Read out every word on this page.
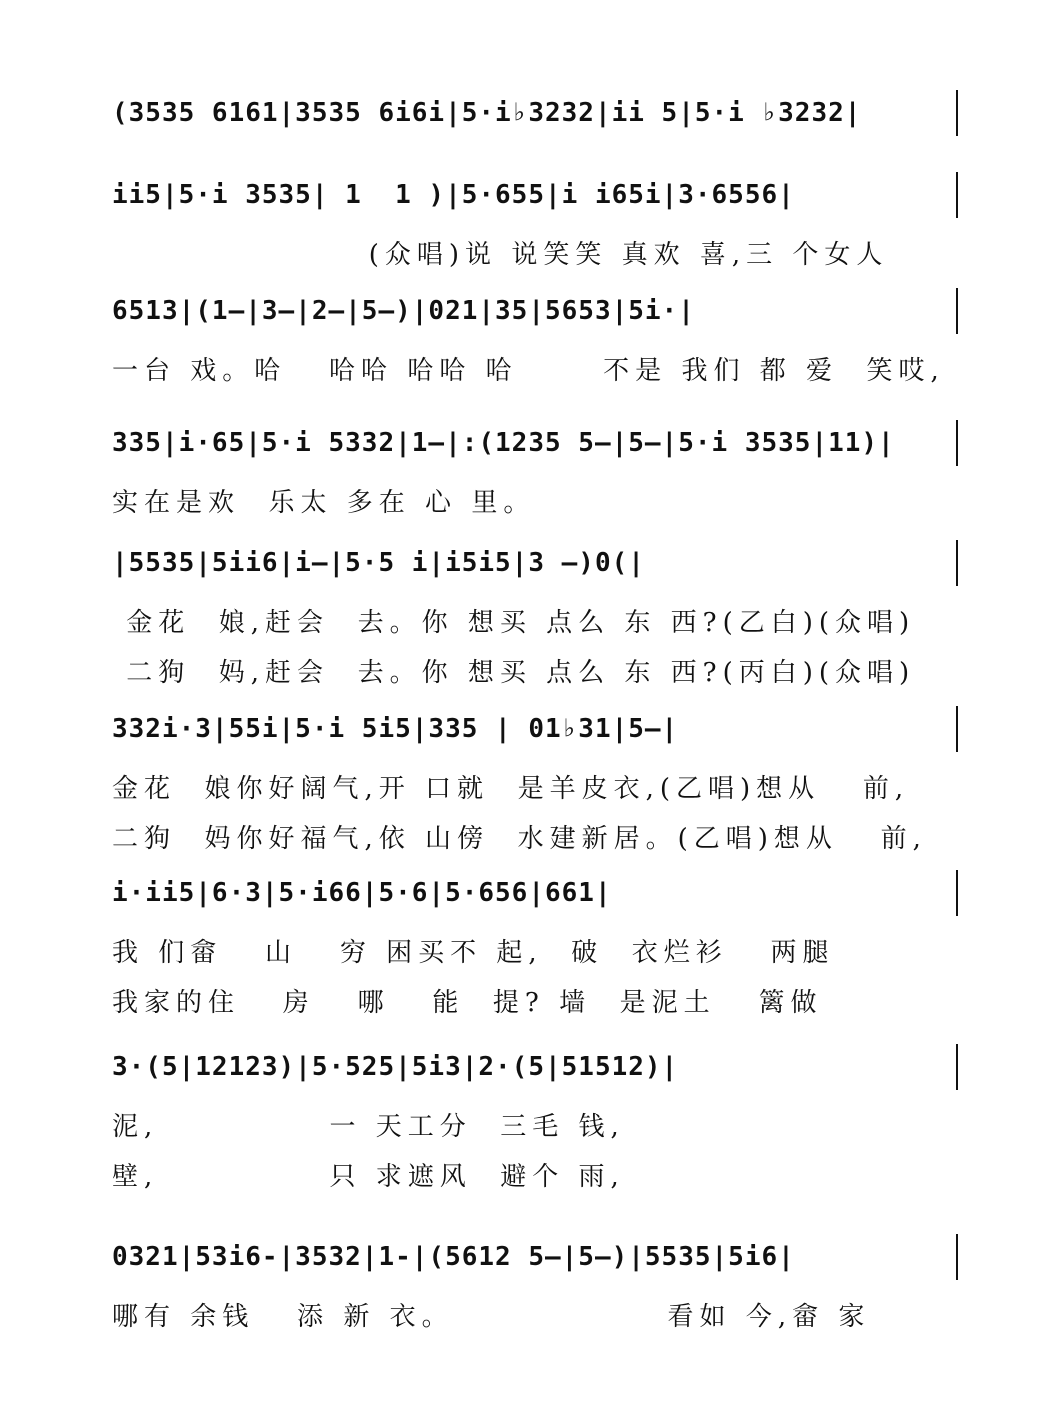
(3535 6161|3535 6i6i|5·i♭3232|ii 5|5·i ♭3232|
ii5|5·i 3535| 1  1 )|5·655|i i65i|3·6556|
(众唱)说 说笑笑 真欢 喜,三 个女人
6513|(1—|3—|2—|5—)|021|35|5653|5i·|
一台 戏。哈   哈哈 哈哈 哈      不是 我们 都 爱  笑哎,
335|i·65|5·i 5332|1—|:(1235 5—|5—|5·i 3535|11)|
实在是欢  乐太 多在 心 里。
|5535|5ii6|i—|5·5 i|i5i5|3 —)0(|
金花  娘,赶会  去。你 想买 点么 东 西?(乙白)(众唱)
二狗  妈,赶会  去。你 想买 点么 东 西?(丙白)(众唱)
332i·3|55i|5·i 5i5|335 | 01♭31|5—|
金花  娘你好阔气,开 口就  是羊皮衣,(乙唱)想从   前,
二狗  妈你好福气,依 山傍  水建新居。(乙唱)想从   前,
i·ii5|6·3|5·i66|5·6|5·656|661|
我 们畲   山   穷 困买不 起,  破  衣烂衫   两腿
我家的住   房   哪   能  提? 墙  是泥土   篱做
3·(5|12123)|5·525|5i3|2·(5|51512)|
泥,            一 天工分  三毛 钱,
壁,            只 求遮风  避个 雨,
0321|53i6-|3532|1-|(5612 5—|5—)|5535|5i6|
哪有 余钱   添 新 衣。               看如 今,畲 家
